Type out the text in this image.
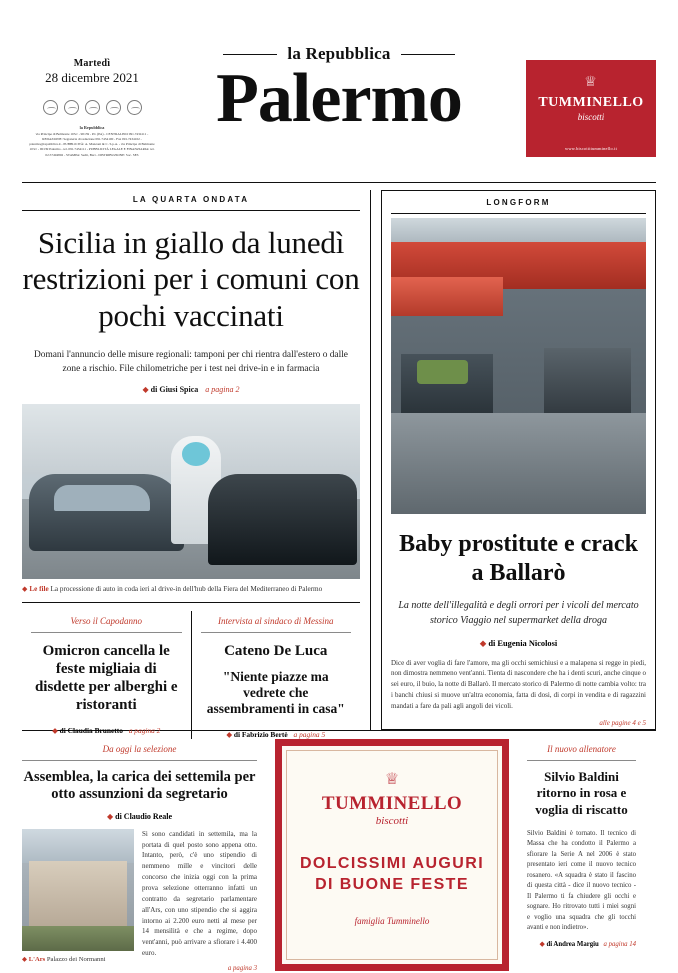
Martedì
28 dicembre 2021
la Repubblica
via Principe di Belmonte 103/c - 90139 - P.I. (PA) - CENTRALINO 091.7434111 - REDAZIONE: Segreteria di redazione 091.7434100 - Fax 091.7434102 - palermo@repubblica.it - PUBBLICITÀ: A. Manzoni & C. S.p.A. - via Principe di Belmonte 103/c - 90139 Palermo - tel. 091.7434111 - PUBBLICITÀ LEGALE E FINANZIARIA: tel. 02.57494802 - STAMPA: Sedit, Bari - DISTRIBUZIONE: Soc. SES
la Repubblica
Palermo	♕
TUMMINELLO
biscotti
www.biscottitumminello.it
LA QUARTA ONDATA
Sicilia in giallo da lunedì restrizioni per i comuni con pochi vaccinati
Domani l'annuncio delle misure regionali: tamponi per chi rientra dall'estero o dalle zone a rischio. File chilometriche per i test nei drive-in e in farmacia
◆ di Giusi Spica a pagina 2
◆ Le file La processione di auto in coda ieri al drive-in dell'hub della Fiera del Mediterraneo di Palermo
Verso il Capodanno
Omicron cancella le feste migliaia di disdette per alberghi e ristoranti
◆ di Claudia Brunetto a pagina 2
Intervista al sindaco di Messina
Cateno De Luca
"Niente piazze ma vedrete che assembramenti in casa"
◆ di Fabrizio Bertè a pagina 5
LONGFORM
Baby prostitute e crack a Ballarò
La notte dell'illegalità e degli orrori per i vicoli del mercato storico Viaggio nel supermarket della droga
◆ di Eugenia Nicolosi
Dice di aver voglia di fare l'amore, ma gli occhi semichiusi e a malapena si regge in piedi, non dimostra nemmeno vent'anni. Tienta di nascondere che ha i denti scuri, anche cinque o sei euro, il buio, la notte di Ballarò. Il mercato storico di Palermo di notte cambia volto: tra i banchi chiusi si muove un'altra economia, fatta di dosi, di corpi in vendita e di ragazzini mandati a fare da pali agli angoli dei vicoli.
alle pagine 4 e 5
Da oggi la selezione
Assemblea, la carica dei settemila per otto assunzioni da segretario
◆ di Claudio Reale
◆ L'Ars Palazzo dei Normanni
Si sono candidati in settemila, ma la portata di quel posto sono appena otto. Intanto, però, c'è uno stipendio di nemmeno mille e vincitori delle concorso che inizia oggi con la prima prova selezione otterranno infatti un contratto da segretario parlamentare all'Ars, con uno stipendio che si aggira intorno ai 2.200 euro netti al mese per 14 mensilità e che a regime, dopo vent'anni, può arrivare a sfiorare i 4.400 euro.
a pagina 3
♕
TUMMINELLO
biscotti
DOLCISSIMI AUGURI
DI BUONE FESTE
famiglia Tumminello
Il nuovo allenatore
Silvio Baldini ritorno in rosa e voglia di riscatto
Silvio Baldini è tornato. Il tecnico di Massa che ha condotto il Palermo a sfiorare la Serie A nel 2006 è stato presentato ieri come il nuovo tecnico rosanero. «A squadra è stato il fascino di questa città - dice il nuovo tecnico - Il Palermo ti fa chiudere gli occhi e sognare. Ho ritrovato tutti i miei sogni e voglio una squadra che gli tocchi avanti e non indietro».
◆ di Andrea Margiu a pagina 14
